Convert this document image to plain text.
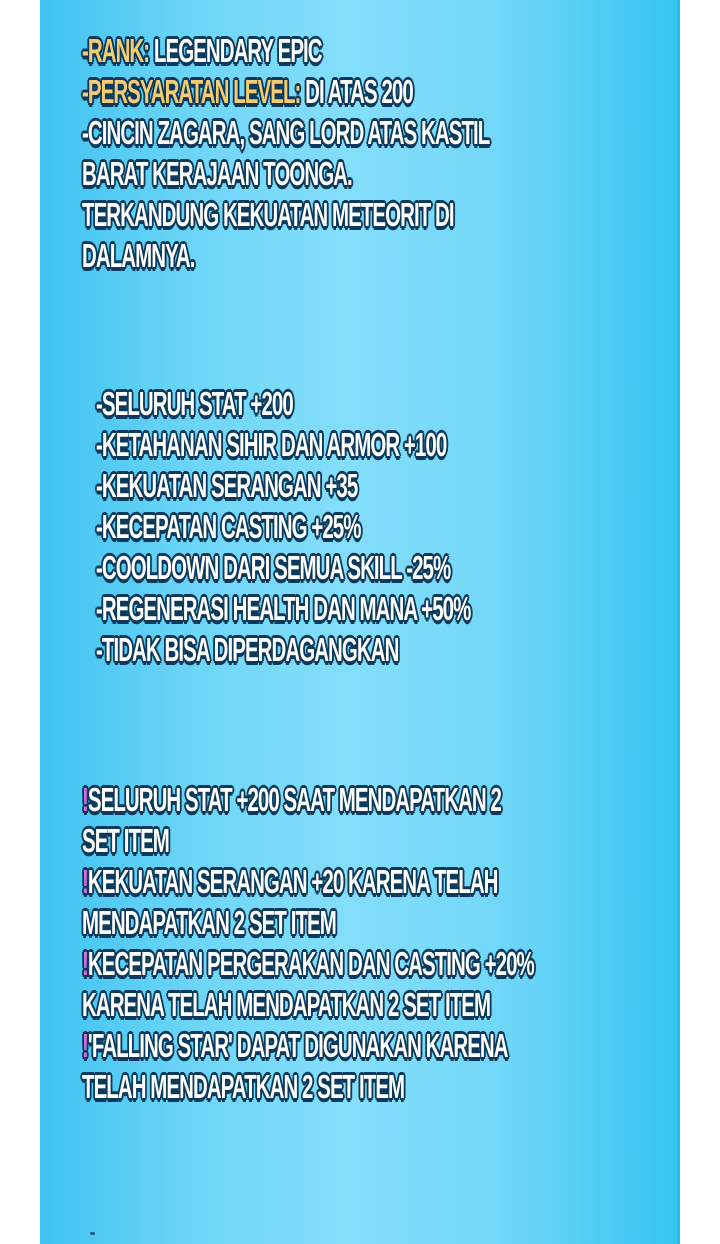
-RANK: LEGENDARY EPIC
-PERSYARATAN LEVEL: DI ATAS 200
-CINCIN ZAGARA, SANG LORD ATAS KASTIL
BARAT KERAJAAN TOONGA.
TERKANDUNG KEKUATAN METEORIT DI
DALAMNYA.
-SELURUH STAT +200
-KETAHANAN SIHIR DAN ARMOR +100
-KEKUATAN SERANGAN +35
-KECEPATAN CASTING +25%
-COOLDOWN DARI SEMUA SKILL -25%
-REGENERASI HEALTH DAN MANA +50%
-TIDAK BISA DIPERDAGANGKAN
!SELURUH STAT +200 SAAT MENDAPATKAN 2
SET ITEM
!KEKUATAN SERANGAN +20 KARENA TELAH
MENDAPATKAN 2 SET ITEM
!KECEPATAN PERGERAKAN DAN CASTING +20%
KARENA TELAH MENDAPATKAN 2 SET ITEM
!'FALLING STAR' DAPAT DIGUNAKAN KARENA
TELAH MENDAPATKAN 2 SET ITEM
